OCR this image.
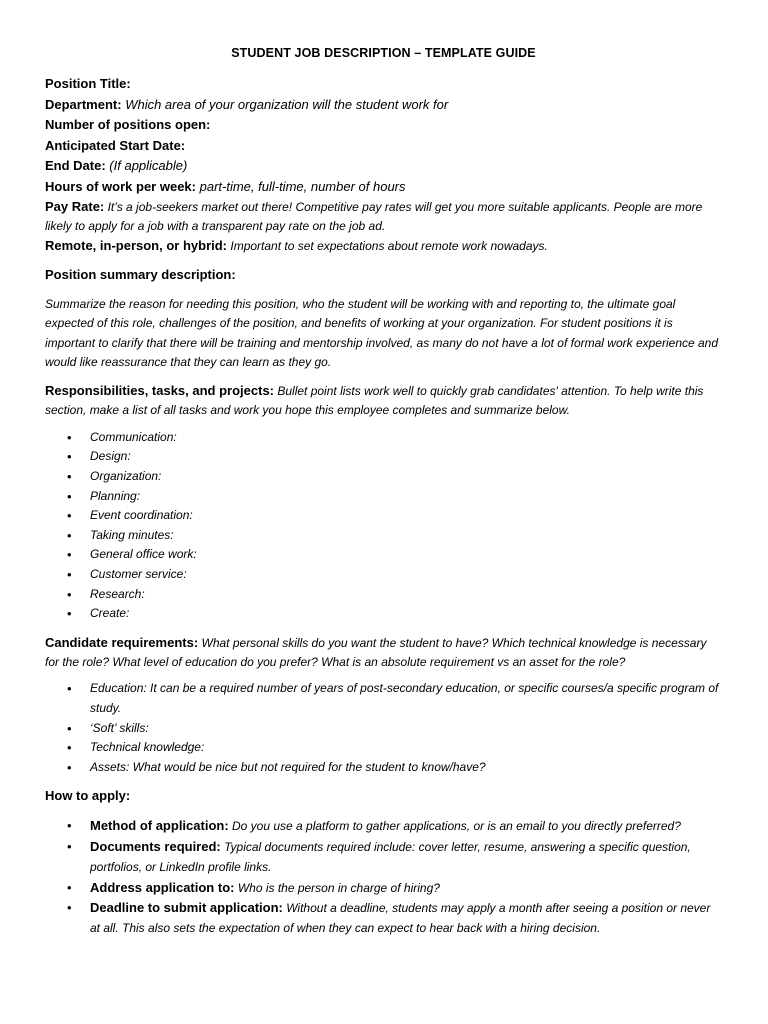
STUDENT JOB DESCRIPTION – TEMPLATE GUIDE

Position Title:

Department: Which area of your organization will the student work for

Number of positions open:

Anticipated Start Date:

End Date: (If applicable)

Hours of work per week: part-time, full-time, number of hours

Pay Rate: It’s a job-seekers market out there! Competitive pay rates will get you more suitable applicants. People are more likely to apply for a job with a transparent pay rate on the job ad.

Remote, in-person, or hybrid: Important to set expectations about remote work nowadays.

Position summary description:

Summarize the reason for needing this position, who the student will be working with and reporting to, the ultimate goal expected of this role, challenges of the position, and benefits of working at your organization. For student positions it is important to clarify that there will be training and mentorship involved, as many do not have a lot of formal work experience and would like reassurance that they can learn as they go.

Responsibilities, tasks, and projects: Bullet point lists work well to quickly grab candidates' attention. To help write this section, make a list of all tasks and work you hope this employee completes and summarize below.

• Communication:
• Design:
• Organization:
• Planning:
• Event coordination:
• Taking minutes:
• General office work:
• Customer service:
• Research:
• Create:

Candidate requirements: What personal skills do you want the student to have? Which technical knowledge is necessary for the role? What level of education do you prefer? What is an absolute requirement vs an asset for the role?

• Education: It can be a required number of years of post-secondary education, or specific courses/a specific program of study.
• ‘Soft’ skills:
• Technical knowledge:
• Assets: What would be nice but not required for the student to know/have?
How to apply:
• Method of application: Do you use a platform to gather applications, or is an email to you directly preferred?
• Documents required: Typical documents required include: cover letter, resume, answering a specific question, portfolios, or LinkedIn profile links.
• Address application to: Who is the person in charge of hiring?
• Deadline to submit application: Without a deadline, students may apply a month after seeing a position or never at all. This also sets the expectation of when they can expect to hear back with a hiring decision.
